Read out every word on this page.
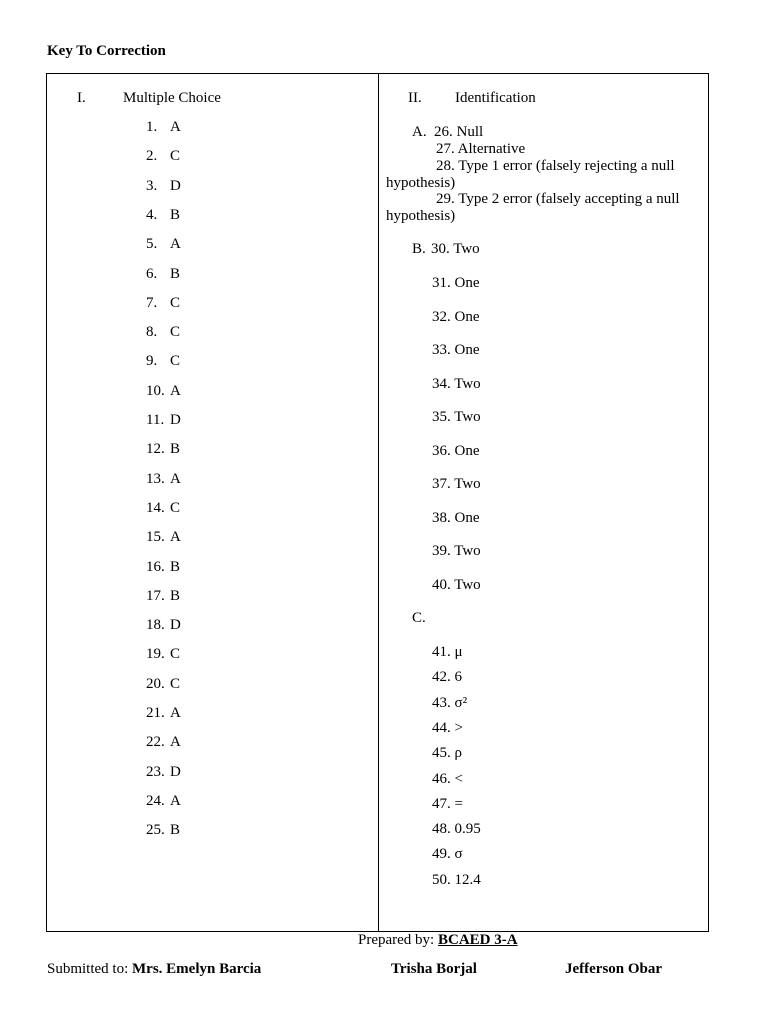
Key To Correction
I. Multiple Choice
1. A
2. C
3. D
4. B
5. A
6. B
7. C
8. C
9. C
10. A
11. D
12. B
13. A
14. C
15. A
16. B
17. B
18. D
19. C
20. C
21. A
22. A
23. D
24. A
25. B
II. Identification
A. 26. Null
27. Alternative
28. Type 1 error (falsely rejecting a null
hypothesis)
29. Type 2 error (falsely accepting a null
hypothesis)
B. 30. Two
31. One
32. One
33. One
34. Two
35. Two
36. One
37. Two
38. One
39. Two
40. Two
C.
41. μ
42. 6
43. σ²
44. >
45. ρ
46. <
47. =
48. 0.95
49. σ
50. 12.4
Prepared by: BCAED 3-A
Submitted to: Mrs. Emelyn Barcia	Trisha Borjal	Jefferson Obar
